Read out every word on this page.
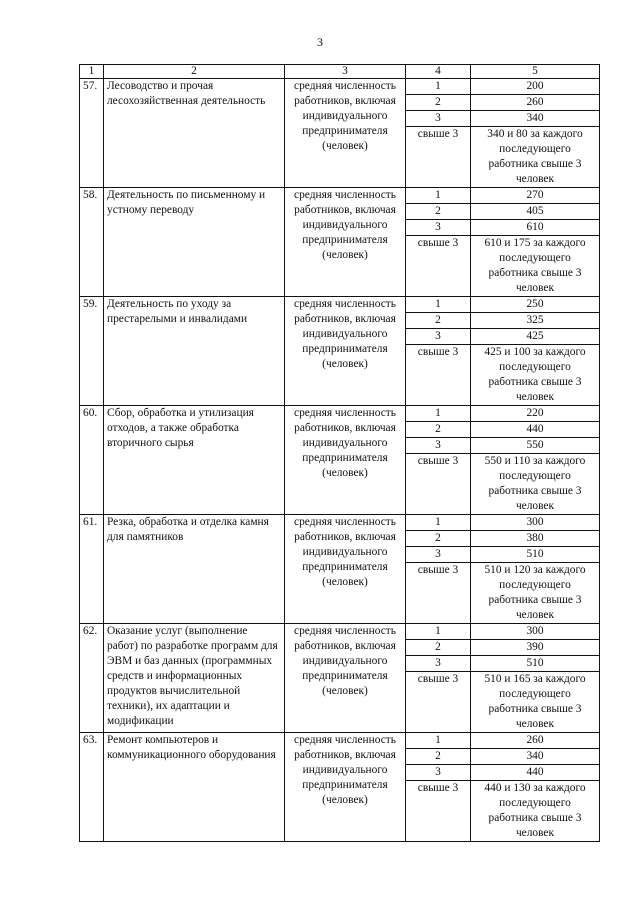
3
1	2	3	4	5
57.	Лесоводство и прочая лесохозяйственная деятельность	средняя численность работников, включая индивидуального предпринимателя (человек)	1	200
			2	260
			3	340
			свыше 3	340 и 80 за каждого последующего работника свыше 3 человек
58.	Деятельность по письменному и устному переводу	средняя численность работников, включая индивидуального предпринимателя (человек)	1	270
			2	405
			3	610
			свыше 3	610 и 175 за каждого последующего работника свыше 3 человек
59.	Деятельность по уходу за престарелыми и инвалидами	средняя численность работников, включая индивидуального предпринимателя (человек)	1	250
			2	325
			3	425
			свыше 3	425 и 100 за каждого последующего работника свыше 3 человек
60.	Сбор, обработка и утилизация отходов, а также обработка вторичного сырья	средняя численность работников, включая индивидуального предпринимателя (человек)	1	220
			2	440
			3	550
			свыше 3	550 и 110 за каждого последующего работника свыше 3 человек
61.	Резка, обработка и отделка камня для памятников	средняя численность работников, включая индивидуального предпринимателя (человек)	1	300
			2	380
			3	510
			свыше 3	510 и 120 за каждого последующего работника свыше 3 человек
62.	Оказание услуг (выполнение работ) по разработке программ для ЭВМ и баз данных (программных средств и информационных продуктов вычислительной техники), их адаптации и модификации	средняя численность работников, включая индивидуального предпринимателя (человек)	1	300
			2	390
			3	510
			свыше 3	510 и 165 за каждого последующего работника свыше 3 человек
63.	Ремонт компьютеров и коммуникационного оборудования	средняя численность работников, включая индивидуального предпринимателя (человек)	1	260
			2	340
			3	440
			свыше 3	440 и 130 за каждого последующего работника свыше 3 человек
